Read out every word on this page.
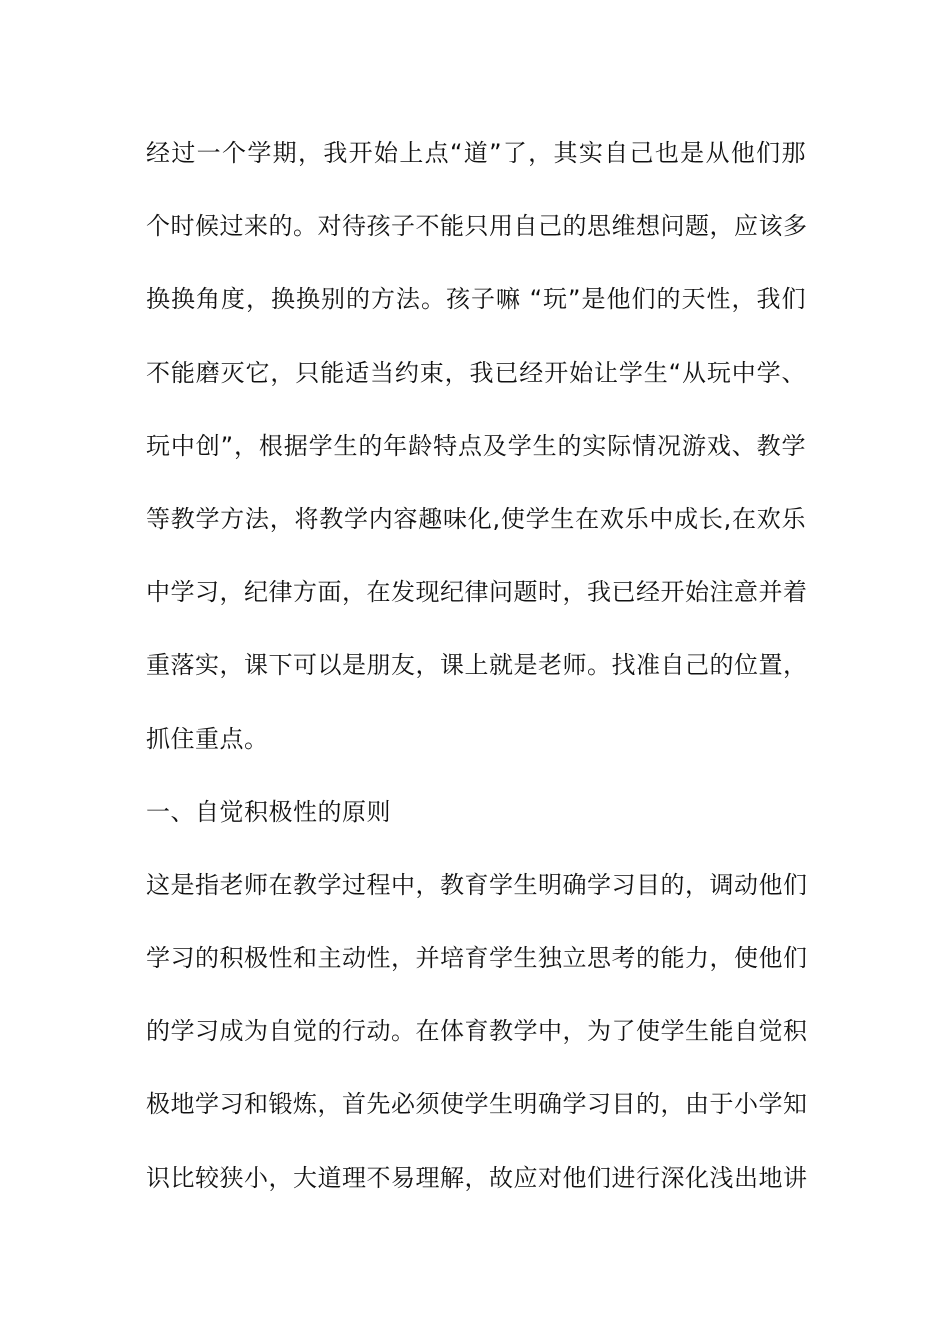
经过一个学期，我开始上点“道”了，其实自己也是从他们那
个时候过来的。对待孩子不能只用自己的思维想问题，应该多
换换角度，换换别的方法。孩子嘛 “玩”是他们的天性，我们
不能磨灭它，只能适当约束，我已经开始让学生“从玩中学、
玩中创”，根据学生的年龄特点及学生的实际情况游戏、教学
等教学方法，将教学内容趣味化,使学生在欢乐中成长,在欢乐
中学习，纪律方面，在发现纪律问题时，我已经开始注意并着
重落实，课下可以是朋友，课上就是老师。找准自己的位置，
抓住重点。
一、自觉积极性的原则
这是指老师在教学过程中，教育学生明确学习目的，调动他们
学习的积极性和主动性，并培育学生独立思考的能力，使他们
的学习成为自觉的行动。在体育教学中，为了使学生能自觉积
极地学习和锻炼，首先必须使学生明确学习目的，由于小学知
识比较狭小，大道理不易理解，故应对他们进行深化浅出地讲
